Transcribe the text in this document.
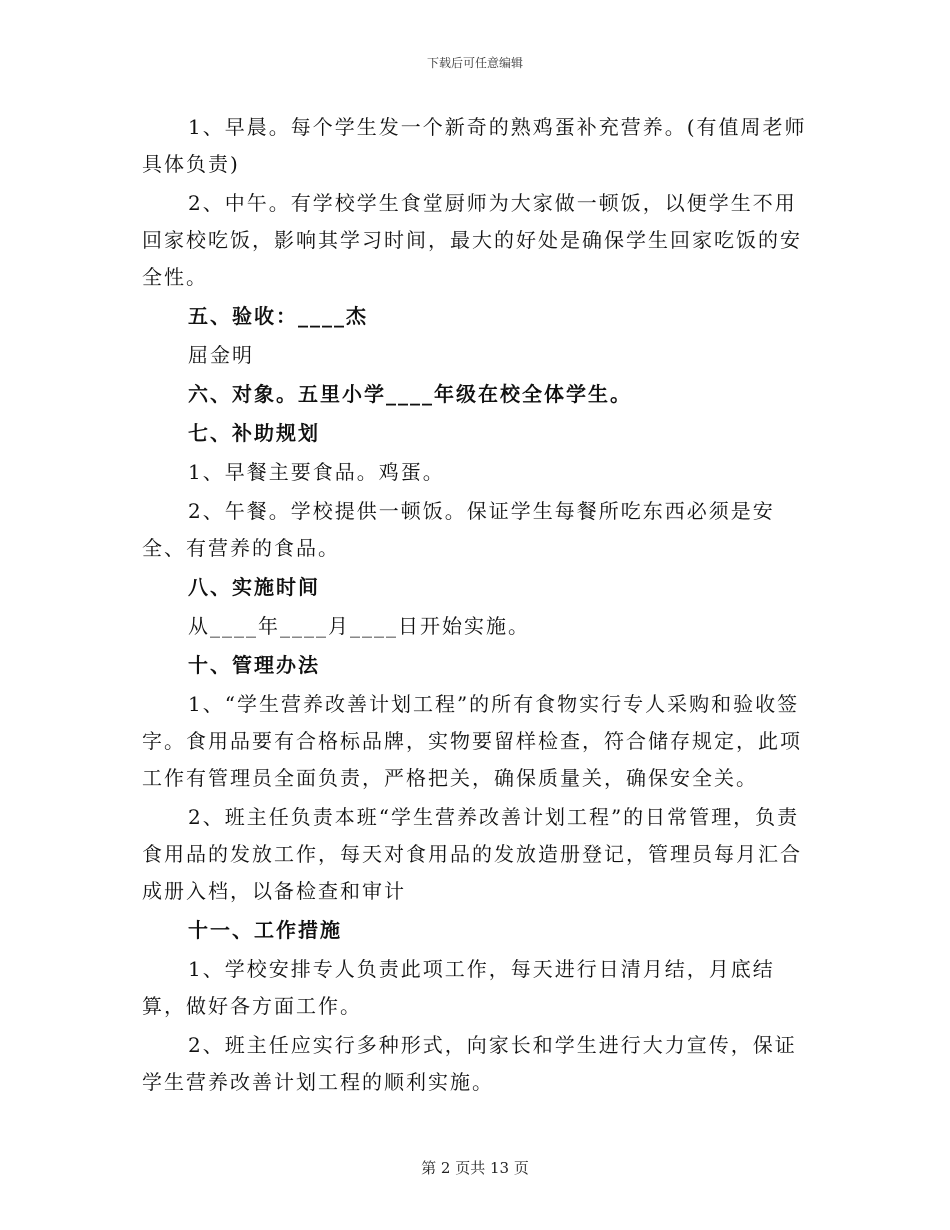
下载后可任意编辑

1、早晨。每个学生发一个新奇的熟鸡蛋补充营养。(有值周老师具体负责)

2、中午。有学校学生食堂厨师为大家做一顿饭，以便学生不用回家校吃饭，影响其学习时间，最大的好处是确保学生回家吃饭的安全性。

五、验收：____杰

屈金明

六、对象。五里小学____年级在校全体学生。

七、补助规划

1、早餐主要食品。鸡蛋。

2、午餐。学校提供一顿饭。保证学生每餐所吃东西必须是安全、有营养的食品。

八、实施时间

从____年____月____日开始实施。

十、管理办法

1、“学生营养改善计划工程”的所有食物实行专人采购和验收签字。食用品要有合格标品牌，实物要留样检查，符合储存规定，此项工作有管理员全面负责，严格把关，确保质量关，确保安全关。

2、班主任负责本班“学生营养改善计划工程”的日常管理，负责食用品的发放工作，每天对食用品的发放造册登记，管理员每月汇合成册入档，以备检查和审计

十一、工作措施

1、学校安排专人负责此项工作，每天进行日清月结，月底结算，做好各方面工作。

2、班主任应实行多种形式，向家长和学生进行大力宣传，保证学生营养改善计划工程的顺利实施。

第 2 页共 13 页
